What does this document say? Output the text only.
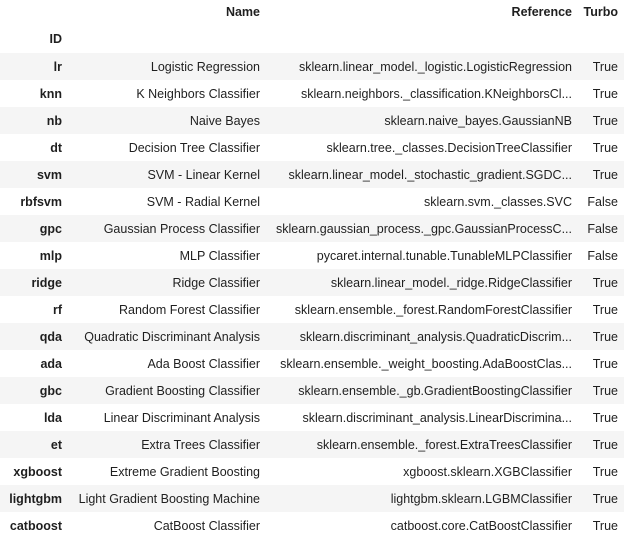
	Name	Reference	Turbo
ID			
lr	Logistic Regression	sklearn.linear_model._logistic.LogisticRegression	True
knn	K Neighbors Classifier	sklearn.neighbors._classification.KNeighborsCl...	True
nb	Naive Bayes	sklearn.naive_bayes.GaussianNB	True
dt	Decision Tree Classifier	sklearn.tree._classes.DecisionTreeClassifier	True
svm	SVM - Linear Kernel	sklearn.linear_model._stochastic_gradient.SGDC...	True
rbfsvm	SVM - Radial Kernel	sklearn.svm._classes.SVC	False
gpc	Gaussian Process Classifier	sklearn.gaussian_process._gpc.GaussianProcessC...	False
mlp	MLP Classifier	pycaret.internal.tunable.TunableMLPClassifier	False
ridge	Ridge Classifier	sklearn.linear_model._ridge.RidgeClassifier	True
rf	Random Forest Classifier	sklearn.ensemble._forest.RandomForestClassifier	True
qda	Quadratic Discriminant Analysis	sklearn.discriminant_analysis.QuadraticDiscrim...	True
ada	Ada Boost Classifier	sklearn.ensemble._weight_boosting.AdaBoostClas...	True
gbc	Gradient Boosting Classifier	sklearn.ensemble._gb.GradientBoostingClassifier	True
lda	Linear Discriminant Analysis	sklearn.discriminant_analysis.LinearDiscrimina...	True
et	Extra Trees Classifier	sklearn.ensemble._forest.ExtraTreesClassifier	True
xgboost	Extreme Gradient Boosting	xgboost.sklearn.XGBClassifier	True
lightgbm	Light Gradient Boosting Machine	lightgbm.sklearn.LGBMClassifier	True
catboost	CatBoost Classifier	catboost.core.CatBoostClassifier	True
